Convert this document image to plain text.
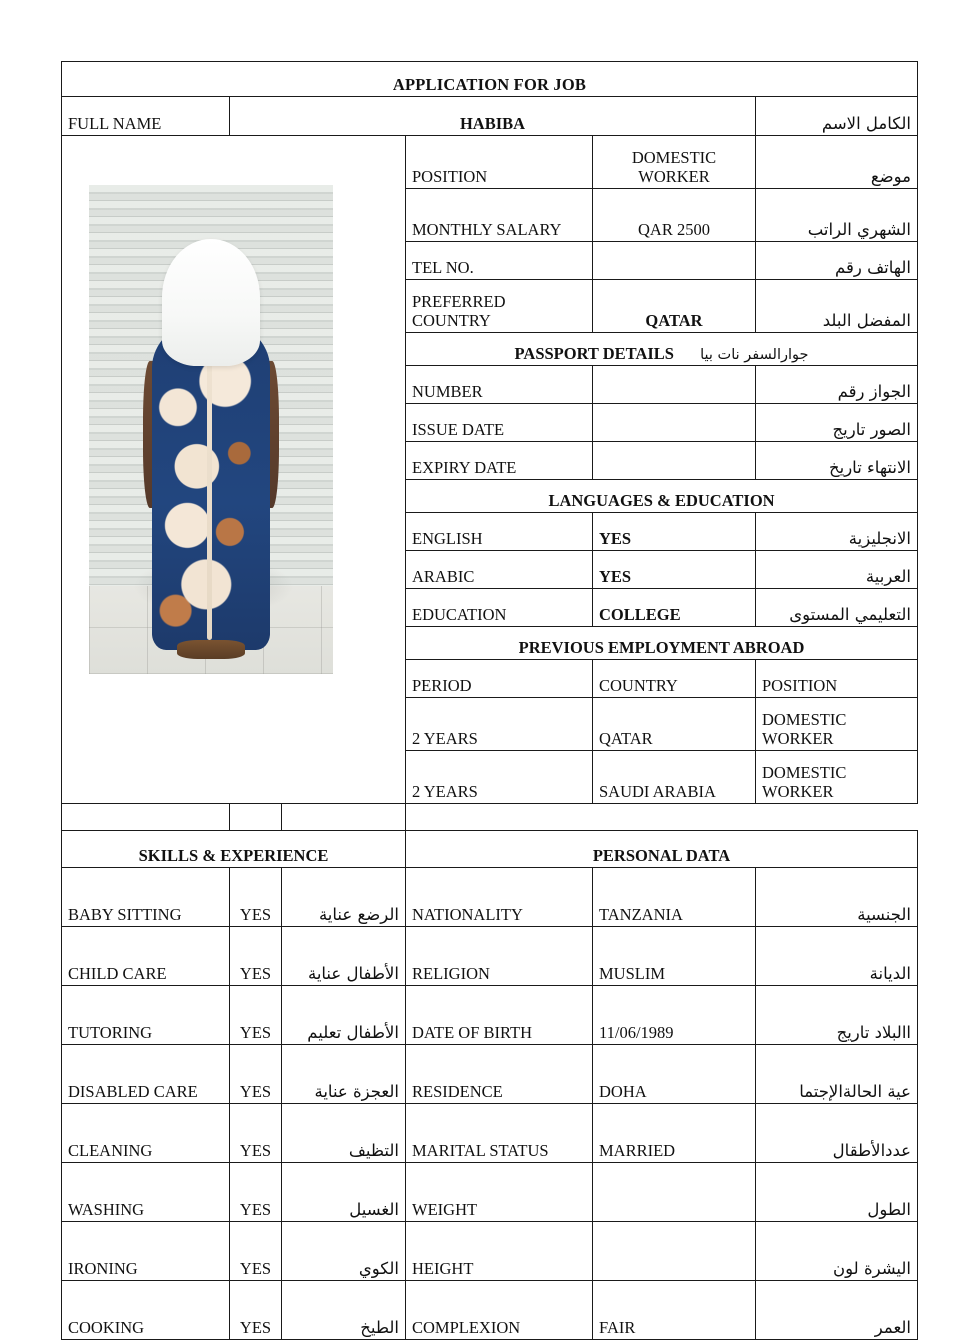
APPLICATION FOR JOB					
FULL NAME	HABIBA				الكامل الاسم

			POSITION	DOMESTIC WORKER	موضع
			MONTHLY SALARY	QAR 2500	الشهري الراتب
			TEL NO.		الهاتف رقم
			PREFERRED COUNTRY	QATAR	المفضل البلد
			PASSPORT DETAILS جوارالسفر نات بيا		
			NUMBER		الجواز رقم
			ISSUE DATE		الصور تاريج
			EXPIRY DATE		الانتهاء تاريخ
			LANGUAGES & EDUCATION		
			ENGLISH	YES	الانجليزية
			ARABIC	YES	العربية
			EDUCATION	COLLEGE	التعليمي المستوى
			PREVIOUS EMPLOYMENT ABROAD		
			PERIOD	COUNTRY	POSITION
			2 YEARS	QATAR	DOMESTIC WORKER
			2 YEARS	SAUDI ARABIA	DOMESTIC WORKER

SKILLS & EXPERIENCE			PERSONAL DATA		
BABY SITTING	YES	الرضع عناية	NATIONALITY	TANZANIA	الجنسية
CHILD CARE	YES	الأطفال عناية	RELIGION	MUSLIM	الديانة
TUTORING	YES	الأطفال تعليم	DATE OF BIRTH	11/06/1989	االبلاد تاريج
DISABLED CARE	YES	العجزة عناية	RESIDENCE	DOHA	عية الحالةالإجتما
CLEANING	YES	التظيف	MARITAL STATUS	MARRIED	عددالأطقال
WASHING	YES	الغسيل	WEIGHT		الطول
IRONING	YES	الكوي	HEIGHT		اليشرة لون
COOKING	YES	الطيخ	COMPLEXION	FAIR	العمر
